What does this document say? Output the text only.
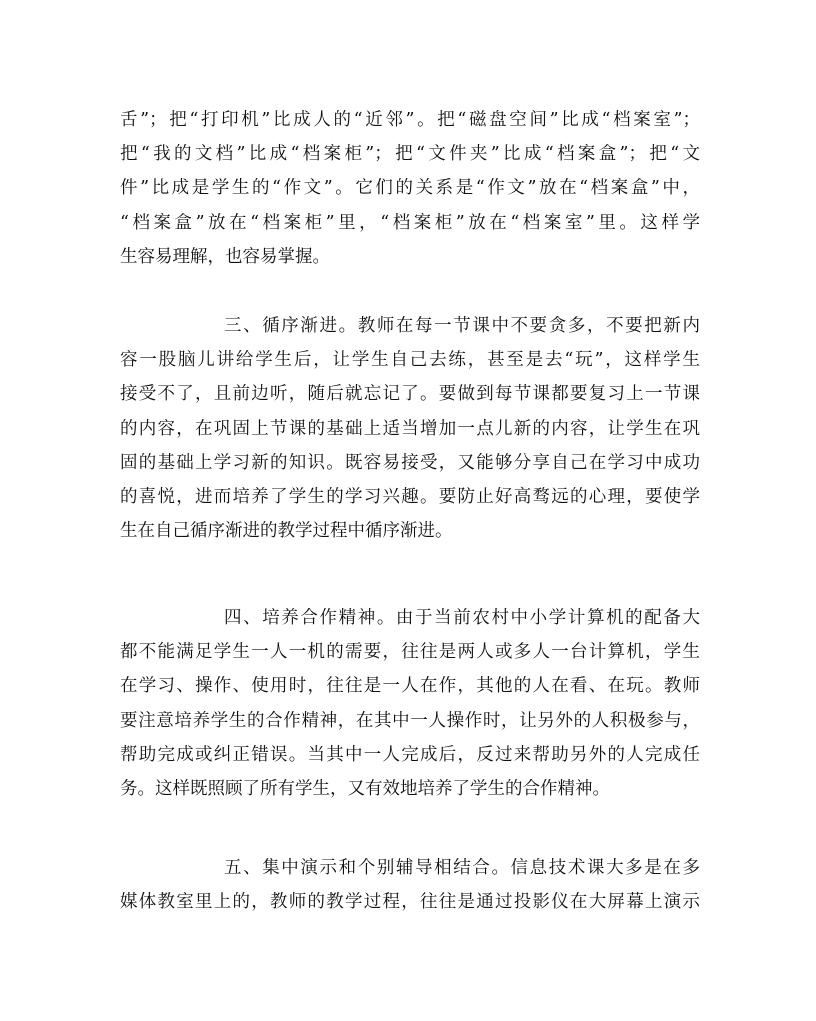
舌”；把“打印机”比成人的“近邻”。把“磁盘空间”比成“档案室”；
把“我的文档”比成“档案柜”；把“文件夹”比成“档案盒”；把“文
件”比成是学生的“作文”。它们的关系是“作文”放在“档案盒”中，
“档案盒”放在“档案柜”里，“档案柜”放在“档案室”里。这样学
生容易理解，也容易掌握。
三、循序渐进。教师在每一节课中不要贪多，不要把新内
容一股脑儿讲给学生后，让学生自己去练，甚至是去“玩”，这样学生
接受不了，且前边听，随后就忘记了。要做到每节课都要复习上一节课
的内容，在巩固上节课的基础上适当增加一点儿新的内容，让学生在巩
固的基础上学习新的知识。既容易接受，又能够分享自己在学习中成功
的喜悦，进而培养了学生的学习兴趣。要防止好高骛远的心理，要使学
生在自己循序渐进的教学过程中循序渐进。
四、培养合作精神。由于当前农村中小学计算机的配备大
都不能满足学生一人一机的需要，往往是两人或多人一台计算机，学生
在学习、操作、使用时，往往是一人在作，其他的人在看、在玩。教师
要注意培养学生的合作精神，在其中一人操作时，让另外的人积极参与，
帮助完成或纠正错误。当其中一人完成后，反过来帮助另外的人完成任
务。这样既照顾了所有学生，又有效地培养了学生的合作精神。
五、集中演示和个别辅导相结合。信息技术课大多是在多
媒体教室里上的，教师的教学过程，往往是通过投影仪在大屏幕上演示
